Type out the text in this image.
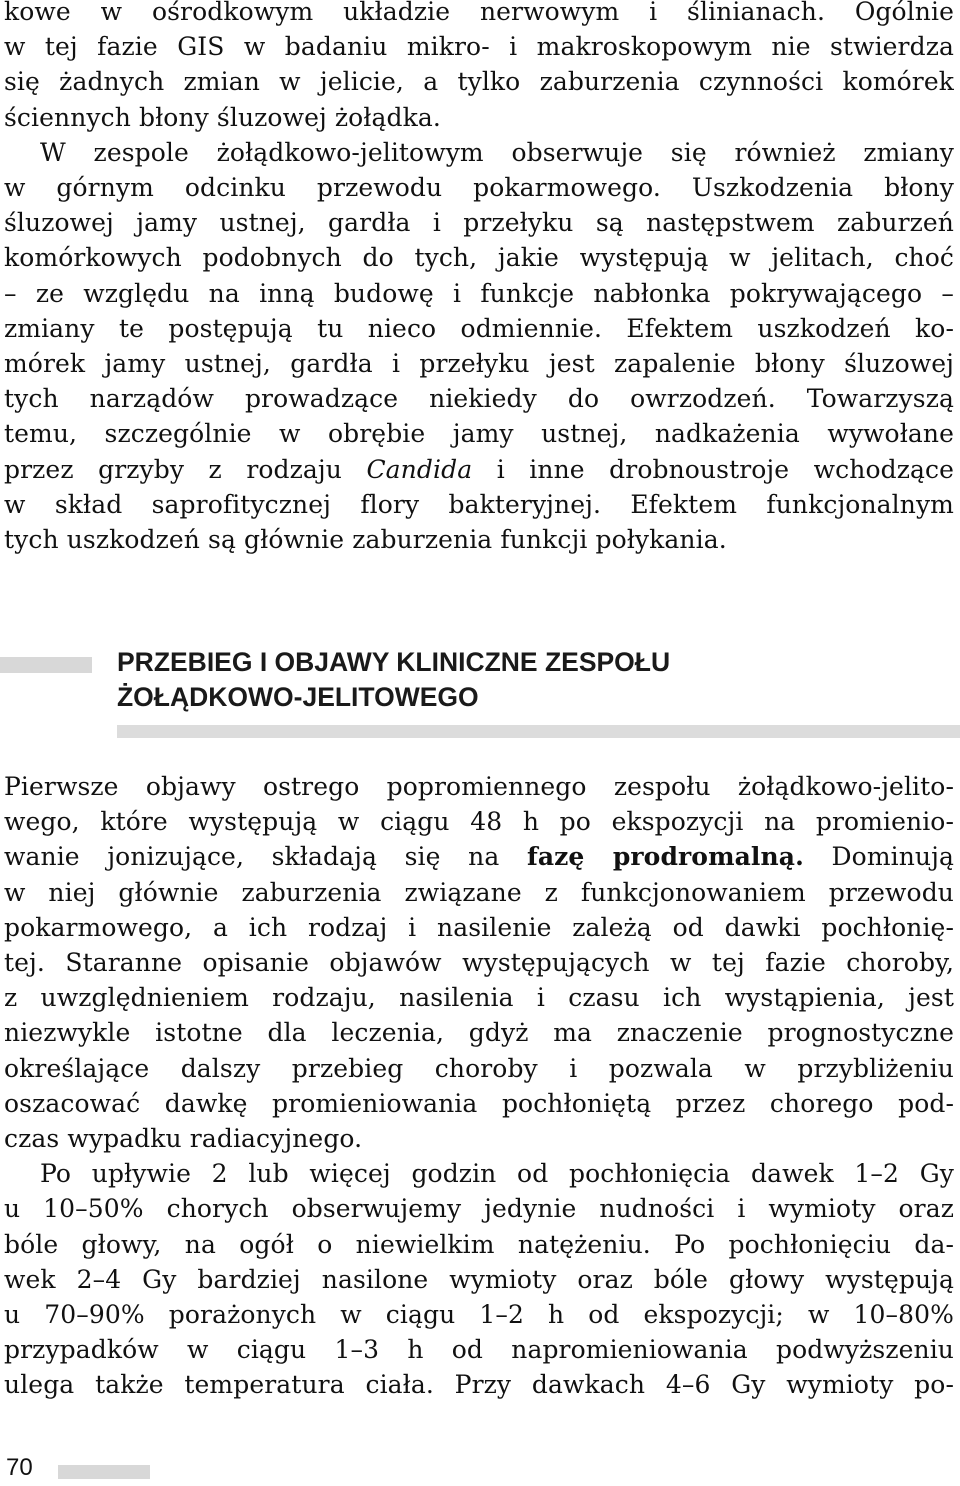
kowe w ośrodkowym układzie nerwowym i ślinianach. Ogólnie
w tej fazie GIS w badaniu mikro- i makroskopowym nie stwierdza
się żadnych zmian w jelicie, a tylko zaburzenia czynności komórek
ściennych błony śluzowej żołądka.
W zespole żołądkowo-jelitowym obserwuje się również zmiany
w górnym odcinku przewodu pokarmowego. Uszkodzenia błony
śluzowej jamy ustnej, gardła i przełyku są następstwem zaburzeń
komórkowych podobnych do tych, jakie występują w jelitach, choć
– ze względu na inną budowę i funkcje nabłonka pokrywającego –
zmiany te postępują tu nieco odmiennie. Efektem uszkodzeń ko-
mórek jamy ustnej, gardła i przełyku jest zapalenie błony śluzowej
tych narządów prowadzące niekiedy do owrzodzeń. Towarzyszą
temu, szczególnie w obrębie jamy ustnej, nadkażenia wywołane
przez grzyby z rodzaju Candida i inne drobnoustroje wchodzące
w skład saprofitycznej flory bakteryjnej. Efektem funkcjonalnym
tych uszkodzeń są głównie zaburzenia funkcji połykania.
PRZEBIEG I OBJAWY KLINICZNE ZESPOŁU
ŻOŁĄDKOWO-JELITOWEGO
Pierwsze objawy ostrego popromiennego zespołu żołądkowo-jelito-
wego, które występują w ciągu 48 h po ekspozycji na promienio-
wanie jonizujące, składają się na fazę prodromalną. Dominują
w niej głównie zaburzenia związane z funkcjonowaniem przewodu
pokarmowego, a ich rodzaj i nasilenie zależą od dawki pochłonię-
tej. Staranne opisanie objawów występujących w tej fazie choroby,
z uwzględnieniem rodzaju, nasilenia i czasu ich wystąpienia, jest
niezwykle istotne dla leczenia, gdyż ma znaczenie prognostyczne
określające dalszy przebieg choroby i pozwala w przybliżeniu
oszacować dawkę promieniowania pochłoniętą przez chorego pod-
czas wypadku radiacyjnego.
Po upływie 2 lub więcej godzin od pochłonięcia dawek 1–2 Gy
u 10–50% chorych obserwujemy jedynie nudności i wymioty oraz
bóle głowy, na ogół o niewielkim natężeniu. Po pochłonięciu da-
wek 2–4 Gy bardziej nasilone wymioty oraz bóle głowy występują
u 70–90% porażonych w ciągu 1–2 h od ekspozycji; w 10–80%
przypadków w ciągu 1–3 h od napromieniowania podwyższeniu
ulega także temperatura ciała. Przy dawkach 4–6 Gy wymioty po-
70
